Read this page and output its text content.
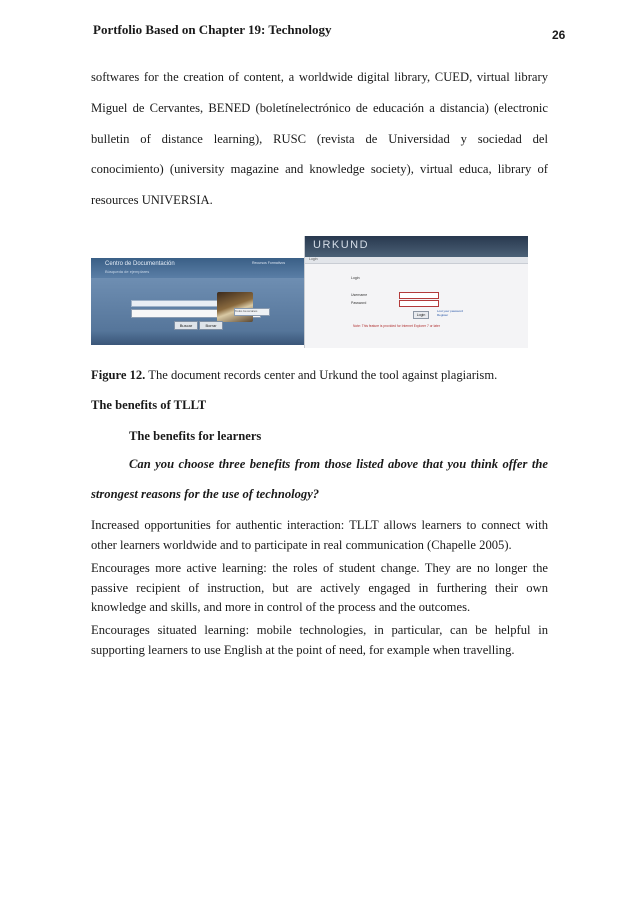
Portfolio Based on Chapter 19: Technology	26
softwares for the creation of content, a worldwide digital library, CUED, virtual library
Miguel de Cervantes, BENED (boletínelectrónico de educación a distancia) (electronic
bulletin of distance learning), RUSC (revista de Universidad y sociedad del
conocimiento) (university magazine and knowledge society), virtual educa, library of
resources UNIVERSIA.
Centro de Documentación
Búsqueda de ejemplares
Recursos Formativos
Todos los recursos
Buscar	Borrar
URKUND
Login
Login
Username
Password
Login
Lost your password
Register
Note: This feature is provided for Internet Explorer 7 or later
Figure 12. The document records center and Urkund the tool against plagiarism.
The benefits of TLLT
The benefits for learners
Can you choose three benefits from those listed above that you think offer the
strongest reasons for the use of technology?
Increased opportunities for authentic interaction: TLLT allows learners to connect with
other learners worldwide and to participate in real communication (Chapelle 2005).
Encourages more active learning: the roles of student change. They are no longer the
passive recipient of instruction, but are actively engaged in furthering their own
knowledge and skills, and more in control of the process and the outcomes.
Encourages situated learning: mobile technologies, in particular, can be helpful in
supporting learners to use English at the point of need, for example when travelling.
